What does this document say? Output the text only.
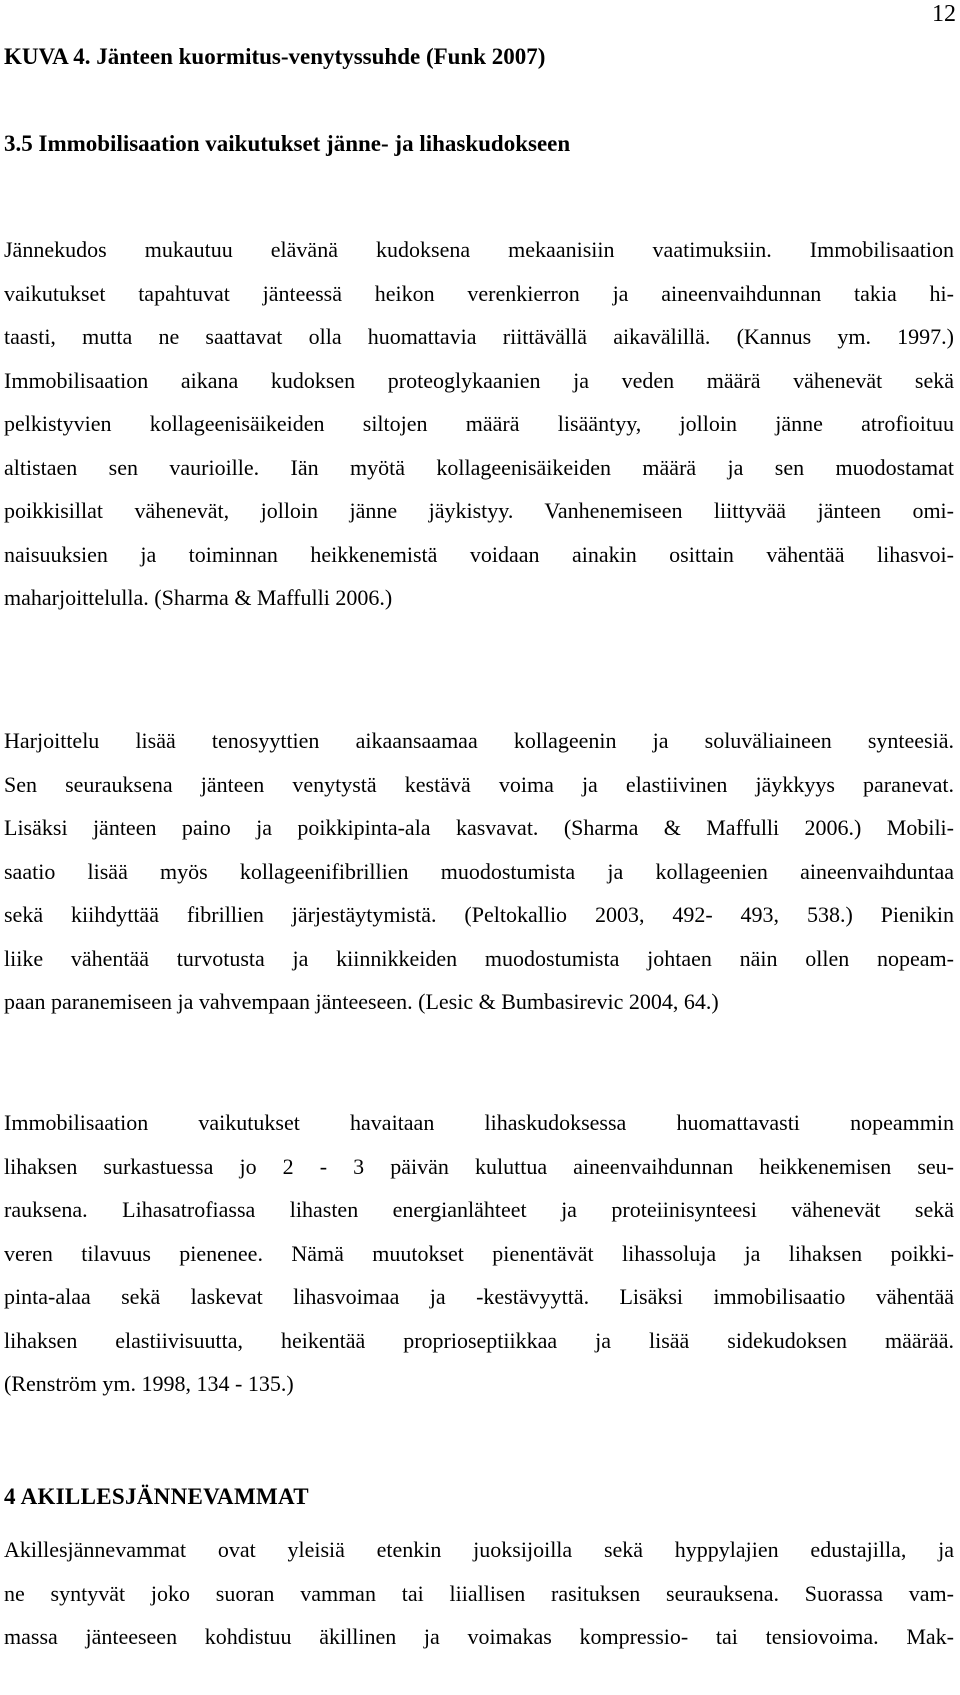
12
KUVA 4. Jänteen kuormitus-venytyssuhde (Funk 2007)
3.5 Immobilisaation vaikutukset jänne- ja lihaskudokseen
Jännekudos mukautuu elävänä kudoksena mekaanisiin vaatimuksiin. Immobilisaation
vaikutukset tapahtuvat jänteessä heikon verenkierron ja aineenvaihdunnan takia hi-
taasti, mutta ne saattavat olla huomattavia riittävällä aikavälillä. (Kannus ym. 1997.)
Immobilisaation aikana kudoksen proteoglykaanien ja veden määrä vähenevät sekä
pelkistyvien kollageenisäikeiden siltojen määrä lisääntyy, jolloin jänne atrofioituu
altistaen sen vaurioille. Iän myötä kollageenisäikeiden määrä ja sen muodostamat
poikkisillat vähenevät, jolloin jänne jäykistyy. Vanhenemiseen liittyvää jänteen omi-
naisuuksien ja toiminnan heikkenemistä voidaan ainakin osittain vähentää lihasvoi-
maharjoittelulla. (Sharma & Maffulli 2006.)
Harjoittelu lisää tenosyyttien aikaansaamaa kollageenin ja soluväliaineen synteesiä.
Sen seurauksena jänteen venytystä kestävä voima ja elastiivinen jäykkyys paranevat.
Lisäksi jänteen paino ja poikkipinta-ala kasvavat. (Sharma & Maffulli 2006.) Mobili-
saatio lisää myös kollageenifibrillien muodostumista ja kollageenien aineenvaihduntaa
sekä kiihdyttää fibrillien järjestäytymistä. (Peltokallio 2003, 492- 493, 538.) Pienikin
liike vähentää turvotusta ja kiinnikkeiden muodostumista johtaen näin ollen nopeam-
paan paranemiseen ja vahvempaan jänteeseen. (Lesic & Bumbasirevic 2004, 64.)
Immobilisaation vaikutukset havaitaan lihaskudoksessa huomattavasti nopeammin
lihaksen surkastuessa jo 2 - 3 päivän kuluttua aineenvaihdunnan heikkenemisen seu-
rauksena. Lihasatrofiassa lihasten energianlähteet ja proteiinisynteesi vähenevät sekä
veren tilavuus pienenee. Nämä muutokset pienentävät lihassoluja ja lihaksen poikki-
pinta-alaa sekä laskevat lihasvoimaa ja -kestävyyttä. Lisäksi immobilisaatio vähentää
lihaksen elastiivisuutta, heikentää proprioseptiikkaa ja lisää sidekudoksen määrää.
(Renström ym. 1998, 134 - 135.)
4 AKILLESJÄNNEVAMMAT
Akillesjännevammat ovat yleisiä etenkin juoksijoilla sekä hyppylajien edustajilla, ja
ne syntyvät joko suoran vamman tai liiallisen rasituksen seurauksena. Suorassa vam-
massa jänteeseen kohdistuu äkillinen ja voimakas kompressio- tai tensiovoima. Mak-
